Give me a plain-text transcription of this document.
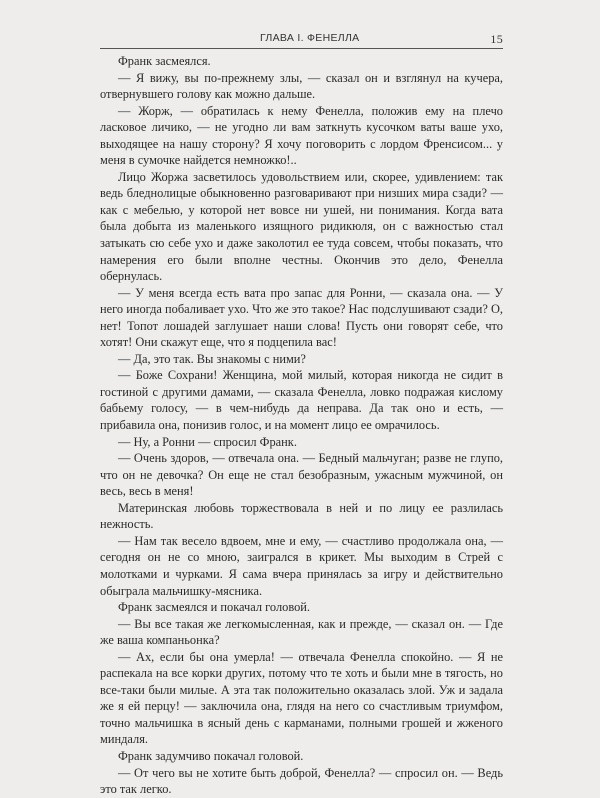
ГЛАВА I. ФЕНЕЛЛА	15

Франк засмеялся.

— Я вижу, вы по-прежнему злы, — сказал он и взглянул на кучера, отвернувшего голову как можно дальше.

— Жорж, — обратилась к нему Фенелла, положив ему на плечо ласковое личико, — не угодно ли вам заткнуть кусочком ваты ваше ухо, выходящее на нашу сторону? Я хочу поговорить с лордом Френсисом... у меня в сумочке найдется немножко!..

Лицо Жоржа засветилось удовольствием или, скорее, удивлением: так ведь бледнолицые обыкновенно разговаривают при низших мира сзади? — как с мебелью, у которой нет вовсе ни ушей, ни понимания. Когда вата была добыта из маленького изящного ридикюля, он с важностью стал затыкать сю себе ухо и даже заколотил ее туда совсем, чтобы показать, что намерения его были вполне честны. Окончив это дело, Фенелла обернулась.

— У меня всегда есть вата про запас для Ронни, — сказала она. — У него иногда побаливает ухо. Что же это такое? Нас подслушивают сзади? О, нет! Топот лошадей заглушает наши слова! Пусть они говорят себе, что хотят! Они скажут еще, что я подцепила вас!

— Да, это так. Вы знакомы с ними?

— Боже Сохрани! Женщина, мой милый, которая никогда не сидит в гостиной с другими дамами, — сказала Фенелла, ловко подражая кислому бабьему голосу, — в чем-нибудь да неправа. Да так оно и есть, — прибавила она, понизив голос, и на момент лицо ее омрачилось.

— Ну, а Ронни — спросил Франк.

— Очень здоров, — отвечала она. — Бедный мальчуган; разве не глупо, что он не девочка? Он еще не стал безобразным, ужасным мужчиной, он весь, весь в меня!

Материнская любовь торжествовала в ней и по лицу ее разлилась нежность.

— Нам так весело вдвоем, мне и ему, — счастливо продолжала она, — сегодня он не со мною, заигрался в крикет. Мы выходим в Стрей с молотками и чурками. Я сама вчера принялась за игру и действительно обыграла мальчишку-мясника.

Франк засмеялся и покачал головой.

— Вы все такая же легкомысленная, как и прежде, — сказал он. — Где же ваша компаньонка?

— Ах, если бы она умерла! — отвечала Фенелла спокойно. — Я не распекала на все корки других, потому что те хоть и были мне в тягость, но все-таки были милые. А эта так положительно оказалась злой. Уж и задала же я ей перцу! — заключила она, глядя на него со счастливым триумфом, точно мальчишка в ясный день с карманами, полными грошей и жженого миндаля.

Франк задумчиво покачал головой.

— От чего вы не хотите быть доброй, Фенелла? — спросил он. — Ведь это так легко.
